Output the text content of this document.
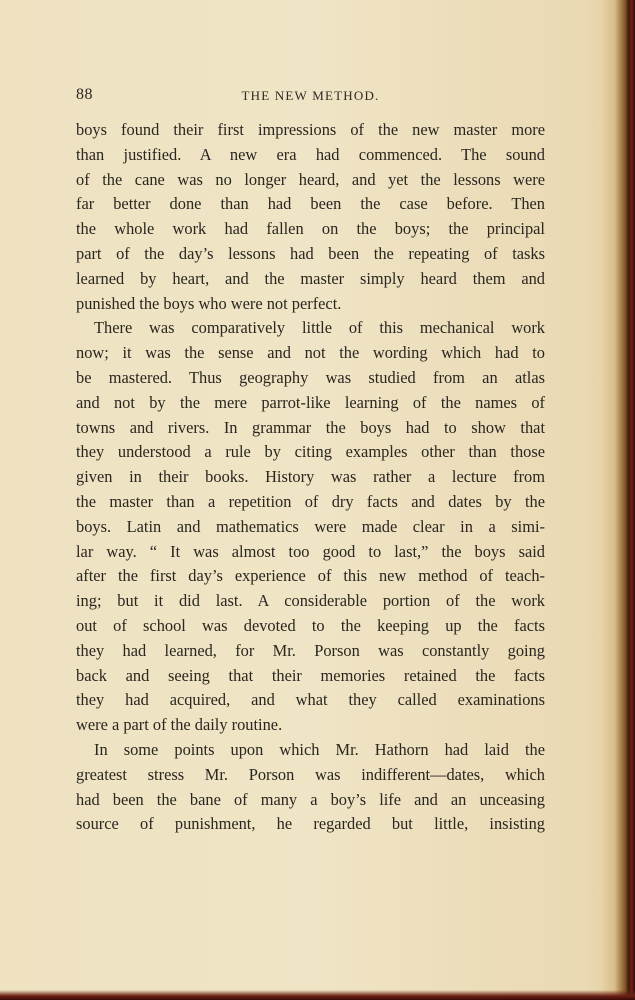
88	THE NEW METHOD.
boys found their first impressions of the new master more
than justified. A new era had commenced. The sound
of the cane was no longer heard, and yet the lessons were
far better done than had been the case before. Then
the whole work had fallen on the boys; the principal
part of the day’s lessons had been the repeating of tasks
learned by heart, and the master simply heard them and
punished the boys who were not perfect.
There was comparatively little of this mechanical work
now; it was the sense and not the wording which had to
be mastered. Thus geography was studied from an atlas
and not by the mere parrot-like learning of the names of
towns and rivers. In grammar the boys had to show that
they understood a rule by citing examples other than those
given in their books. History was rather a lecture from
the master than a repetition of dry facts and dates by the
boys. Latin and mathematics were made clear in a simi-
lar way. “ It was almost too good to last,” the boys said
after the first day’s experience of this new method of teach-
ing; but it did last. A considerable portion of the work
out of school was devoted to the keeping up the facts
they had learned, for Mr. Porson was constantly going
back and seeing that their memories retained the facts
they had acquired, and what they called examinations
were a part of the daily routine.
In some points upon which Mr. Hathorn had laid the
greatest stress Mr. Porson was indifferent—dates, which
had been the bane of many a boy’s life and an unceasing
source of punishment, he regarded but little, insisting
